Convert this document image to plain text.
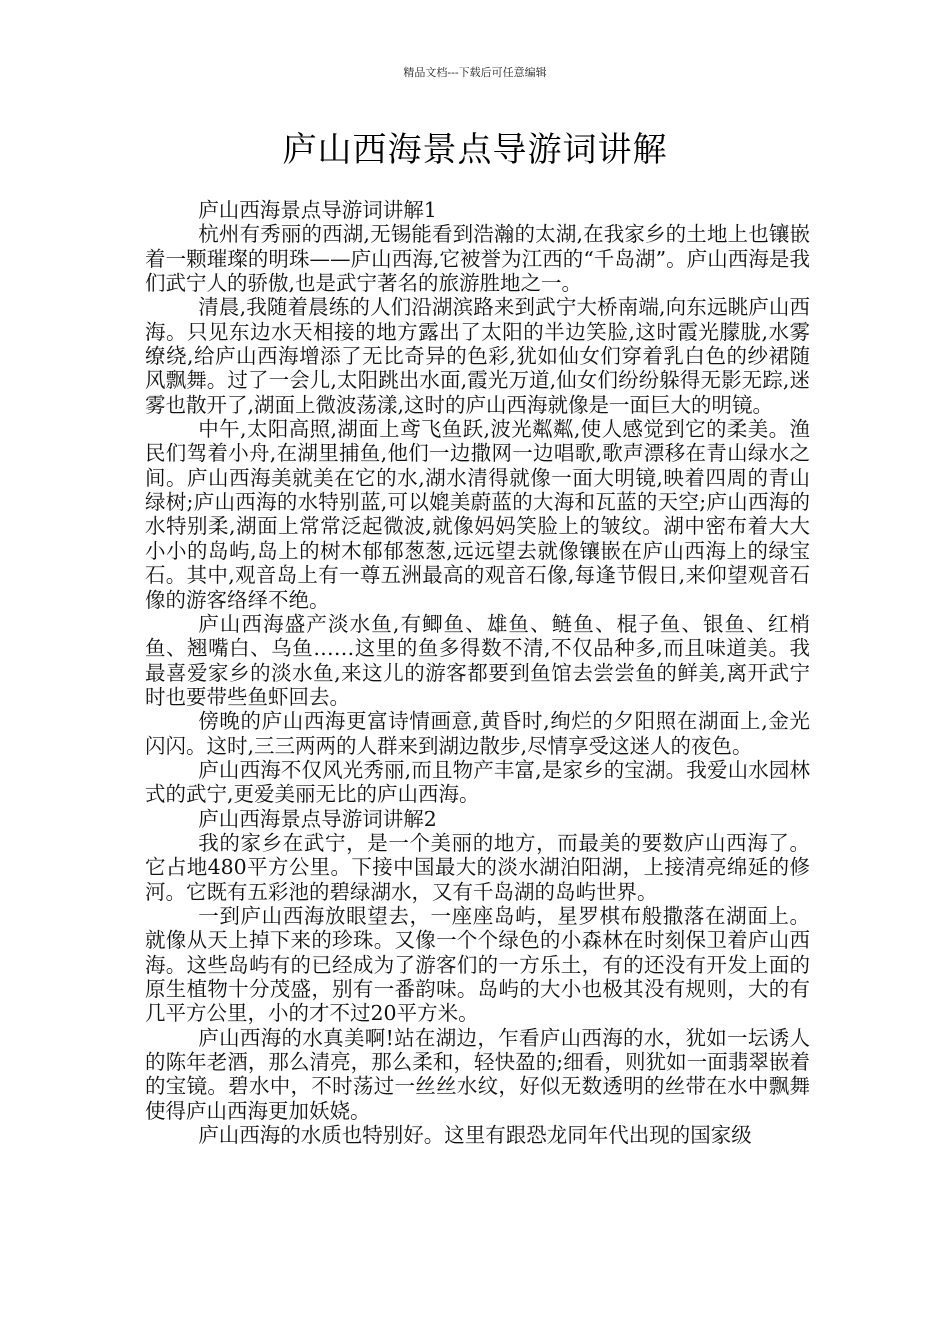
精品文档---下载后可任意编辑
庐山西海景点导游词讲解

庐山西海景点导游词讲解1

杭州有秀丽的西湖,无锡能看到浩瀚的太湖,在我家乡的土地上也镶嵌着一颗璀璨的明珠——庐山西海,它被誉为江西的“千岛湖”。庐山西海是我们武宁人的骄傲,也是武宁著名的旅游胜地之一。

清晨,我随着晨练的人们沿湖滨路来到武宁大桥南端,向东远眺庐山西海。只见东边水天相接的地方露出了太阳的半边笑脸,这时霞光朦胧,水雾缭绕,给庐山西海增添了无比奇异的色彩,犹如仙女们穿着乳白色的纱裙随风飘舞。过了一会儿,太阳跳出水面,霞光万道,仙女们纷纷躲得无影无踪,迷雾也散开了,湖面上微波荡漾,这时的庐山西海就像是一面巨大的明镜。

中午,太阳高照,湖面上鸢飞鱼跃,波光粼粼,使人感觉到它的柔美。渔民们驾着小舟,在湖里捕鱼,他们一边撒网一边唱歌,歌声漂移在青山绿水之间。庐山西海美就美在它的水,湖水清得就像一面大明镜,映着四周的青山绿树;庐山西海的水特别蓝,可以媲美蔚蓝的大海和瓦蓝的天空;庐山西海的水特别柔,湖面上常常泛起微波,就像妈妈笑脸上的皱纹。湖中密布着大大小小的岛屿,岛上的树木郁郁葱葱,远远望去就像镶嵌在庐山西海上的绿宝石。其中,观音岛上有一尊五洲最高的观音石像,每逢节假日,来仰望观音石像的游客络绎不绝。

庐山西海盛产淡水鱼,有鲫鱼、雄鱼、鲢鱼、棍子鱼、银鱼、红梢鱼、翘嘴白、乌鱼……这里的鱼多得数不清,不仅品种多,而且味道美。我最喜爱家乡的淡水鱼,来这儿的游客都要到鱼馆去尝尝鱼的鲜美,离开武宁时也要带些鱼虾回去。

傍晚的庐山西海更富诗情画意,黄昏时,绚烂的夕阳照在湖面上,金光闪闪。这时,三三两两的人群来到湖边散步,尽情享受这迷人的夜色。

庐山西海不仅风光秀丽,而且物产丰富,是家乡的宝湖。我爱山水园林式的武宁,更爱美丽无比的庐山西海。

庐山西海景点导游词讲解2

我的家乡在武宁，是一个美丽的地方，而最美的要数庐山西海了。它占地480平方公里。下接中国最大的淡水湖泊阳湖，上接清亮绵延的修河。它既有五彩池的碧绿湖水，又有千岛湖的岛屿世界。

一到庐山西海放眼望去，一座座岛屿，星罗棋布般撒落在湖面上。就像从天上掉下来的珍珠。又像一个个绿色的小森林在时刻保卫着庐山西海。这些岛屿有的已经成为了游客们的一方乐土，有的还没有开发上面的原生植物十分茂盛，别有一番韵味。岛屿的大小也极其没有规则，大的有几平方公里，小的才不过20平方米。

庐山西海的水真美啊!站在湖边，乍看庐山西海的水，犹如一坛诱人的陈年老酒，那么清亮，那么柔和，轻快盈的;细看，则犹如一面翡翠嵌着的宝镜。碧水中，不时荡过一丝丝水纹，好似无数透明的丝带在水中飘舞使得庐山西海更加妖娆。

庐山西海的水质也特别好。这里有跟恐龙同年代出现的国家级
